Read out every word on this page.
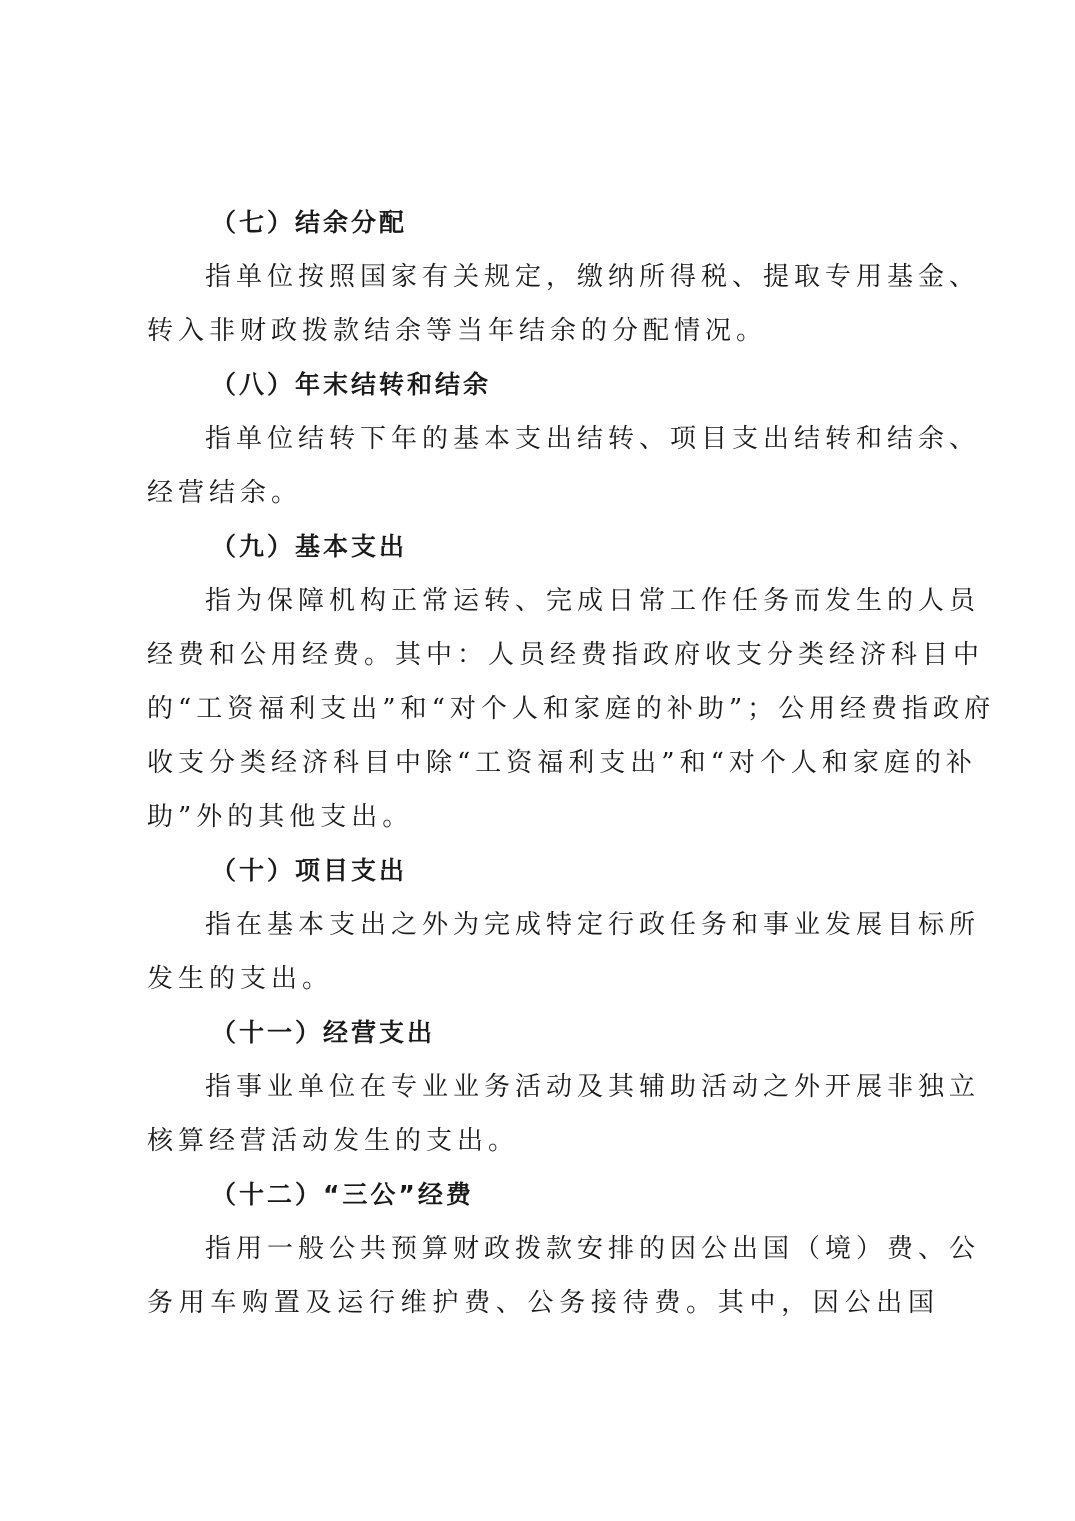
（七）结余分配

指单位按照国家有关规定，缴纳所得税、提取专用基金、
转入非财政拨款结余等当年结余的分配情况。

（八）年末结转和结余

指单位结转下年的基本支出结转、项目支出结转和结余、
经营结余。

（九）基本支出

指为保障机构正常运转、完成日常工作任务而发生的人员
经费和公用经费。其中：人员经费指政府收支分类经济科目中
的“工资福利支出”和“对个人和家庭的补助”；公用经费指政府
收支分类经济科目中除“工资福利支出”和“对个人和家庭的补
助”外的其他支出。

（十）项目支出

指在基本支出之外为完成特定行政任务和事业发展目标所
发生的支出。

（十一）经营支出

指事业单位在专业业务活动及其辅助活动之外开展非独立
核算经营活动发生的支出。

（十二）“三公”经费

指用一般公共预算财政拨款安排的因公出国（境）费、公
务用车购置及运行维护费、公务接待费。其中，因公出国
